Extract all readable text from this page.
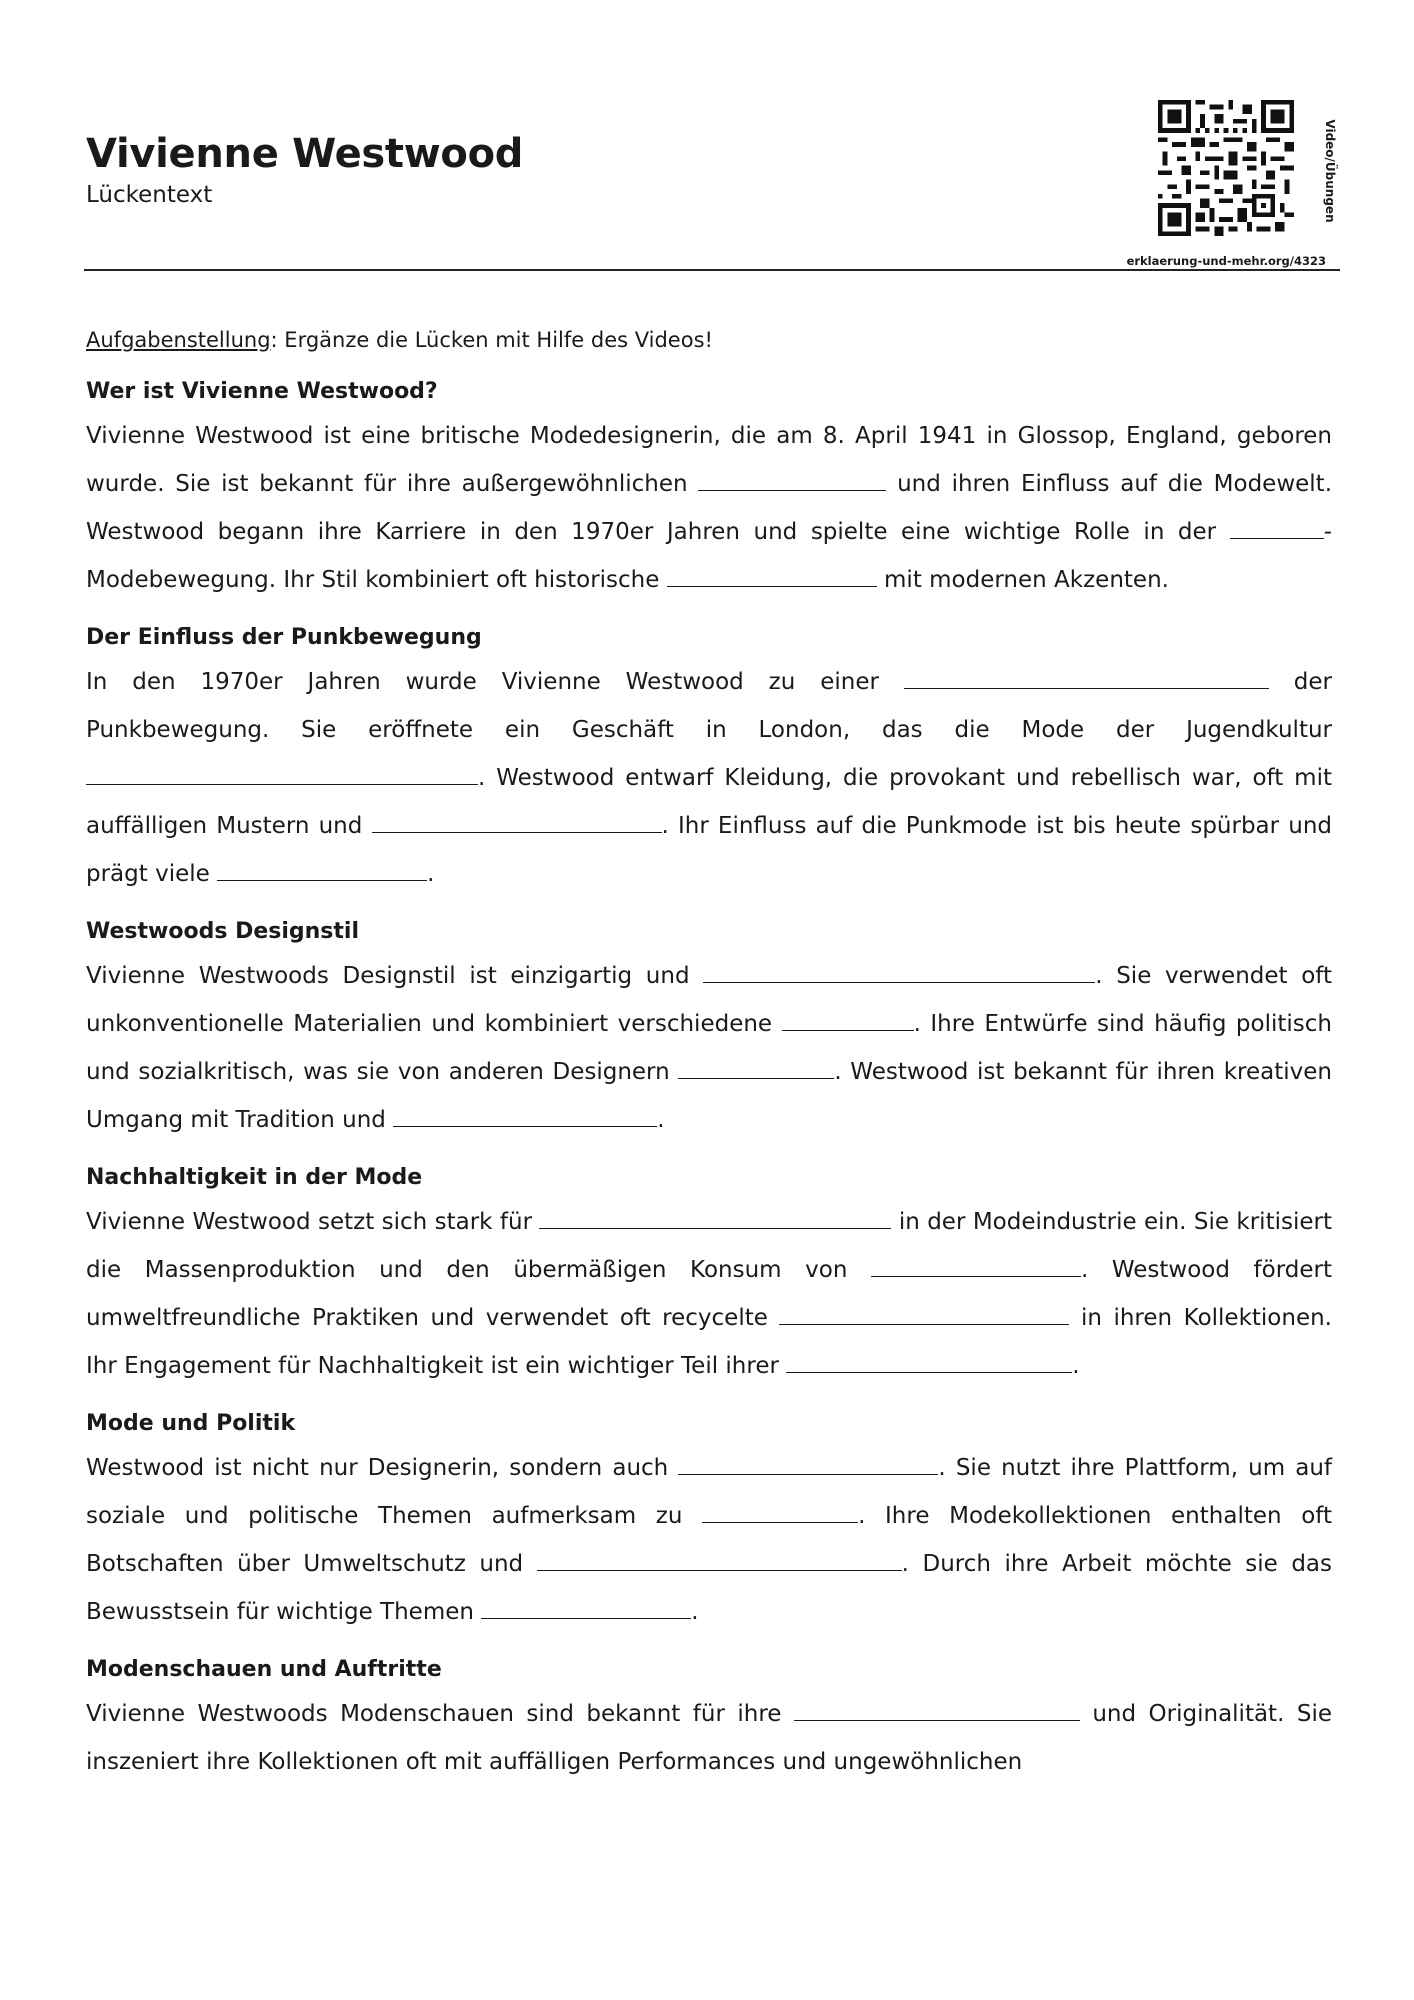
Vivienne Westwood
Lückentext	Video/Übungen
erklaerung-und-mehr.org/4323
Aufgabenstellung: Ergänze die Lücken mit Hilfe des Videos!
Wer ist Vivienne Westwood?

Vivienne Westwood ist eine britische Modedesignerin, die am 8. April 1941 in Glossop, England, geboren wurde. Sie ist bekannt für ihre außergewöhnlichen	und ihren Einfluss auf die Modewelt. Westwood begann ihre Karriere in den 1970er Jahren und spielte eine wichtige Rolle in der	-Modebewegung. Ihr Stil kombiniert oft historische	mit modernen Akzenten.

Der Einfluss der Punkbewegung

In den 1970er Jahren wurde Vivienne Westwood zu einer	der Punkbewegung. Sie eröffnete ein Geschäft in London, das die Mode der Jugendkultur . Westwood entwarf Kleidung, die provokant und rebellisch war, oft mit auffälligen Mustern und	. Ihr Einfluss auf die Punkmode ist bis heute spürbar und prägt viele	.

Westwoods Designstil

Vivienne Westwoods Designstil ist einzigartig und	. Sie verwendet oft unkonventionelle Materialien und kombiniert verschiedene	. Ihre Entwürfe sind häufig politisch und sozialkritisch, was sie von anderen Designern	. Westwood ist bekannt für ihren kreativen Umgang mit Tradition und	.

Nachhaltigkeit in der Mode

Vivienne Westwood setzt sich stark für	in der Modeindustrie ein. Sie kritisiert die Massenproduktion und den übermäßigen Konsum von	. Westwood fördert umweltfreundliche Praktiken und verwendet oft recycelte	in ihren Kollektionen. Ihr Engagement für Nachhaltigkeit ist ein wichtiger Teil ihrer	.

Mode und Politik

Westwood ist nicht nur Designerin, sondern auch	. Sie nutzt ihre Plattform, um auf soziale und politische Themen aufmerksam zu	. Ihre Modekollektionen enthalten oft Botschaften über Umweltschutz und	. Durch ihre Arbeit möchte sie das Bewusstsein für wichtige Themen	.

Modenschauen und Auftritte

Vivienne Westwoods Modenschauen sind bekannt für ihre	und Originalität. Sie inszeniert ihre Kollektionen oft mit auffälligen Performances und ungewöhnlichen
